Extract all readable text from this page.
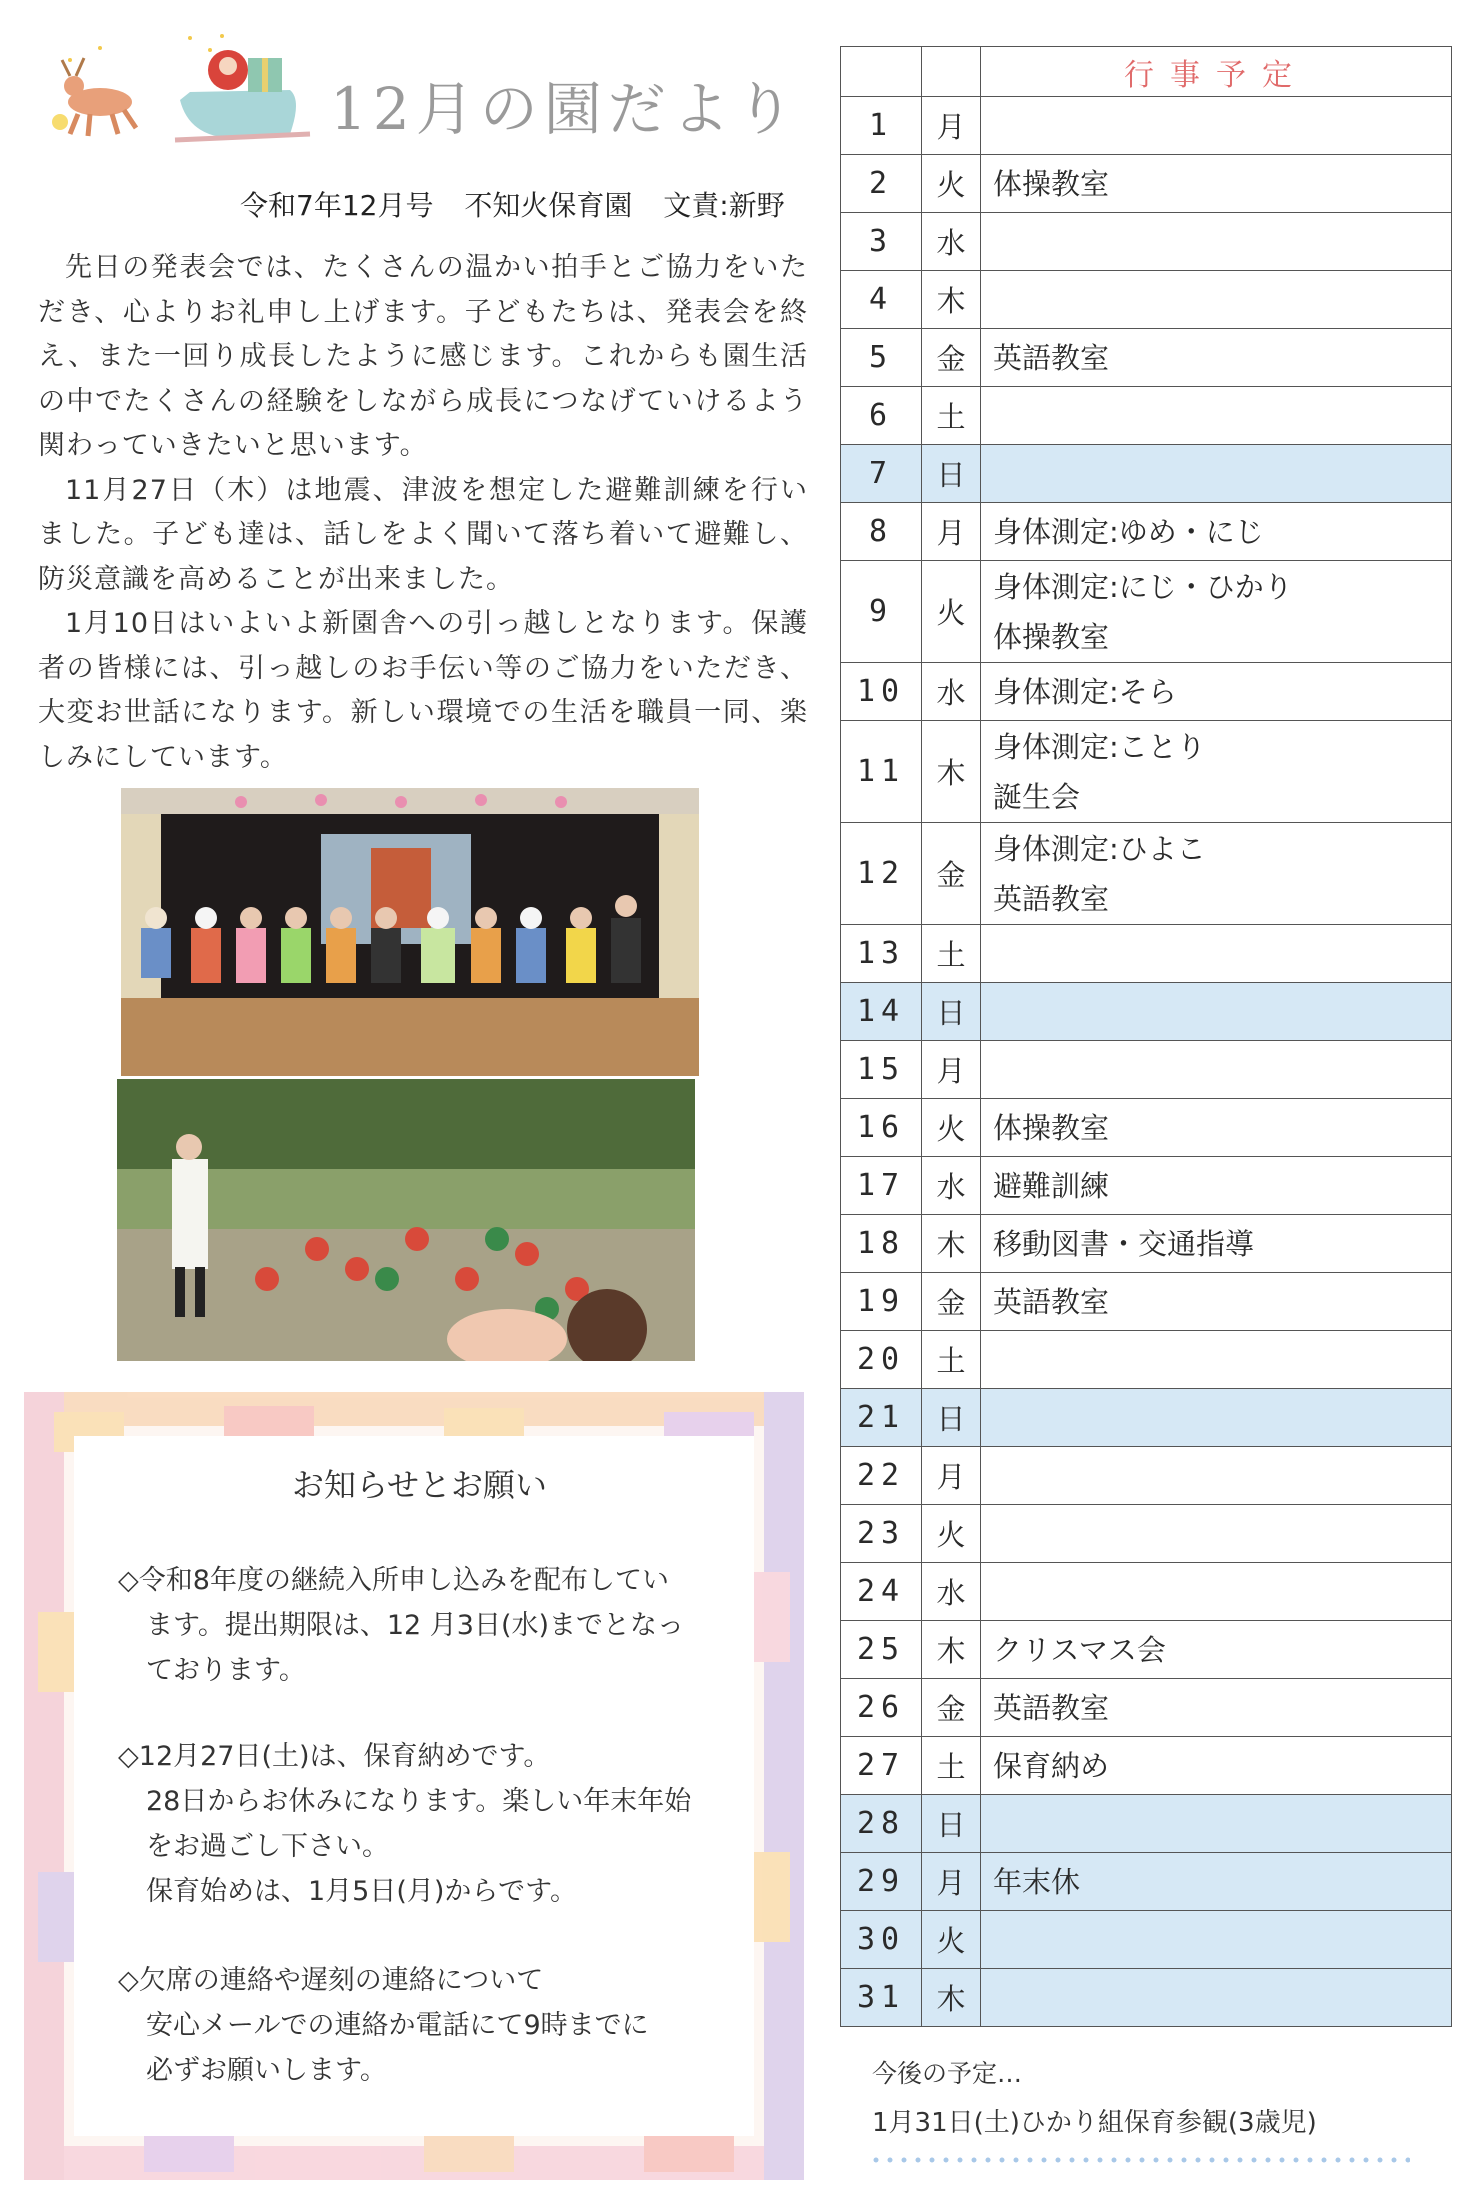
12月の園だより
令和7年12月号 不知火保育園 文責:新野

先日の発表会では、たくさんの温かい拍手とご協力をいただき、心よりお礼申し上げます。子どもたちは、発表会を終え、また一回り成長したように感じます。これからも園生活の中でたくさんの経験をしながら成長につなげていけるよう関わっていきたいと思います。

11月27日（木）は地震、津波を想定した避難訓練を行いました。子ども達は、話しをよく聞いて落ち着いて避難し、防災意識を高めることが出来ました。

1月10日はいよいよ新園舎への引っ越しとなります。保護者の皆様には、引っ越しのお手伝い等のご協力をいただき、大変お世話になります。新しい環境での生活を職員一同、楽しみにしています。

お知らせとお願い
◇令和8年度の継続入所申し込みを配布してい
ます。提出期限は、12 月3日(水)までとなっ
ております。
◇12月27日(土)は、保育納めです。
28日からお休みになります。楽しい年末年始
をお過ごし下さい。
保育始めは、1月5日(月)からです。
◇欠席の連絡や遅刻の連絡について
安心メールでの連絡か電話にて9時までに
必ずお願いします。
		行事予定
1	月	
2	火	体操教室

3	水	
4	木	
5	金	英語教室

6	土	
7	日	
8	月	身体測定:ゆめ・にじ

9	火	身体測定:にじ・ひかり
体操教室

10	水	身体測定:そら

11	木	身体測定:ことり
誕生会

12	金	身体測定:ひよこ
英語教室

13	土	
14	日	
15	月	
16	火	体操教室

17	水	避難訓練

18	木	移動図書・交通指導

19	金	英語教室

20	土	
21	日	
22	月	
23	火	
24	水	
25	木	クリスマス会

26	金	英語教室

27	土	保育納め

28	日	
29	月	年末休

30	火	
31	木	
今後の予定…
1月31日(土)ひかり組保育参観(3歳児)
